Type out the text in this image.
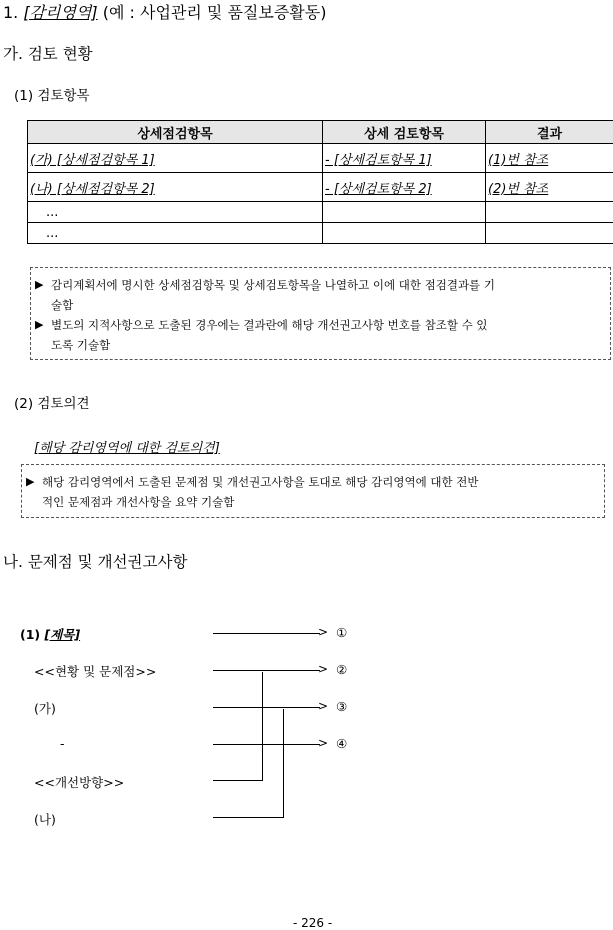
1. [감리영역] (예 : 사업관리 및 품질보증활동)
가. 검토 현황
(1) 검토항목
상세점검항목	상세 검토항목	결과
(가) [상세점검항목 1]	- [상세검토항목 1]	(1)번 참조
(나) [상세점검항목 2]	- [상세검토항목 2]	(2)번 참조
...		
...		
▶ 감리계획서에 명시한 상세점검항목 및 상세검토항목을 나열하고 이에 대한 점검결과를 기
술함
▶ 별도의 지적사항으로 도출된 경우에는 결과란에 해당 개선권고사항 번호를 참조할 수 있
도록 기술함
(2) 검토의견
[해당 감리영역에 대한 검토의견]
▶ 해당 감리영역에서 도출된 문제점 및 개선권고사항을 토대로 해당 감리영역에 대한 전반
적인 문제점과 개선사항을 요약 기술함
나. 문제점 및 개선권고사항
(1) [제목]
<<현황 및 문제점>>
(가)
-
<<개선방향>>
(나)
> ①
> ②
> ③
> ④
- 226 -
